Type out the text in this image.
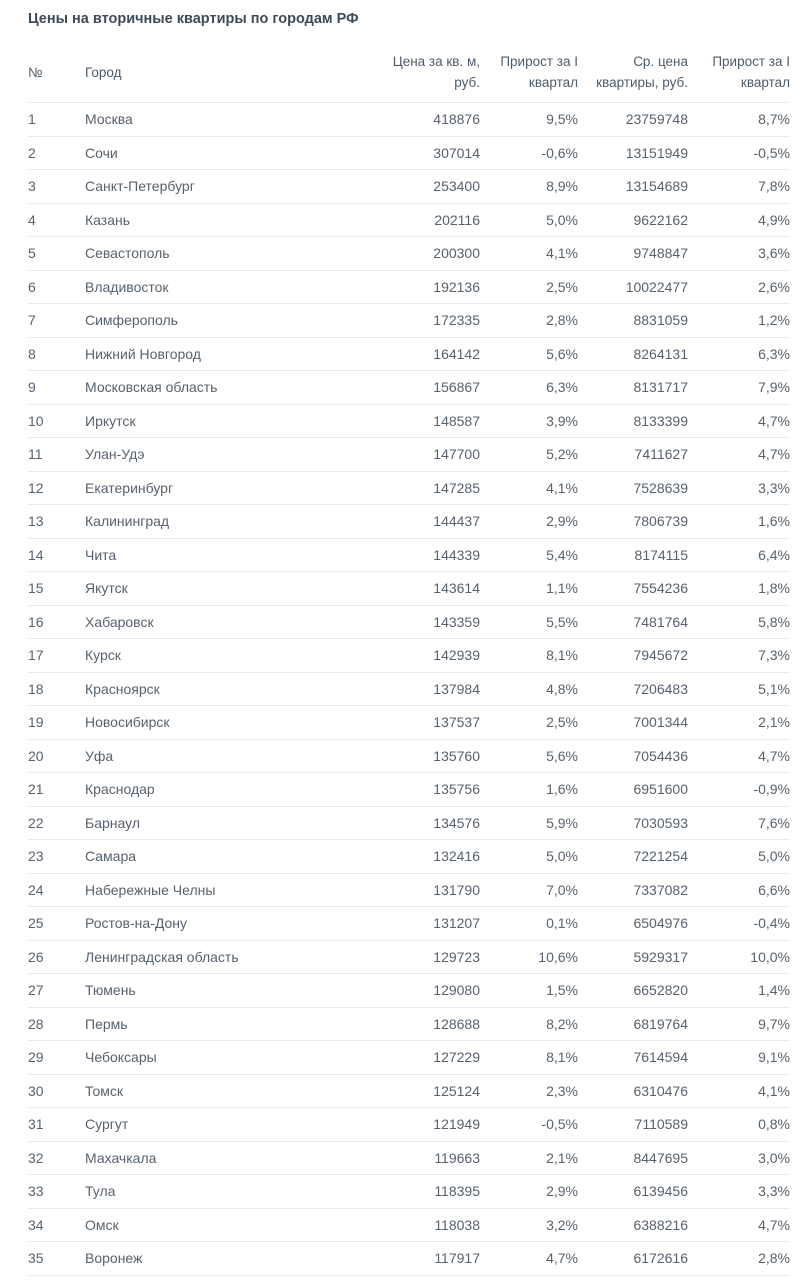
Цены на вторичные квартиры по городам РФ
№	Город	Цена за кв. м, руб.	Прирост за I квартал	Ср. цена квартиры, руб.	Прирост за I квартал
1	Москва	418876	9,5%	23759748	8,7%
2	Сочи	307014	-0,6%	13151949	-0,5%
3	Санкт-Петербург	253400	8,9%	13154689	7,8%
4	Казань	202116	5,0%	9622162	4,9%
5	Севастополь	200300	4,1%	9748847	3,6%
6	Владивосток	192136	2,5%	10022477	2,6%
7	Симферополь	172335	2,8%	8831059	1,2%
8	Нижний Новгород	164142	5,6%	8264131	6,3%
9	Московская область	156867	6,3%	8131717	7,9%
10	Иркутск	148587	3,9%	8133399	4,7%
11	Улан-Удэ	147700	5,2%	7411627	4,7%
12	Екатеринбург	147285	4,1%	7528639	3,3%
13	Калининград	144437	2,9%	7806739	1,6%
14	Чита	144339	5,4%	8174115	6,4%
15	Якутск	143614	1,1%	7554236	1,8%
16	Хабаровск	143359	5,5%	7481764	5,8%
17	Курск	142939	8,1%	7945672	7,3%
18	Красноярск	137984	4,8%	7206483	5,1%
19	Новосибирск	137537	2,5%	7001344	2,1%
20	Уфа	135760	5,6%	7054436	4,7%
21	Краснодар	135756	1,6%	6951600	-0,9%
22	Барнаул	134576	5,9%	7030593	7,6%
23	Самара	132416	5,0%	7221254	5,0%
24	Набережные Челны	131790	7,0%	7337082	6,6%
25	Ростов-на-Дону	131207	0,1%	6504976	-0,4%
26	Ленинградская область	129723	10,6%	5929317	10,0%
27	Тюмень	129080	1,5%	6652820	1,4%
28	Пермь	128688	8,2%	6819764	9,7%
29	Чебоксары	127229	8,1%	7614594	9,1%
30	Томск	125124	2,3%	6310476	4,1%
31	Сургут	121949	-0,5%	7110589	0,8%
32	Махачкала	119663	2,1%	8447695	3,0%
33	Тула	118395	2,9%	6139456	3,3%
34	Омск	118038	3,2%	6388216	4,7%
35	Воронеж	117917	4,7%	6172616	2,8%
